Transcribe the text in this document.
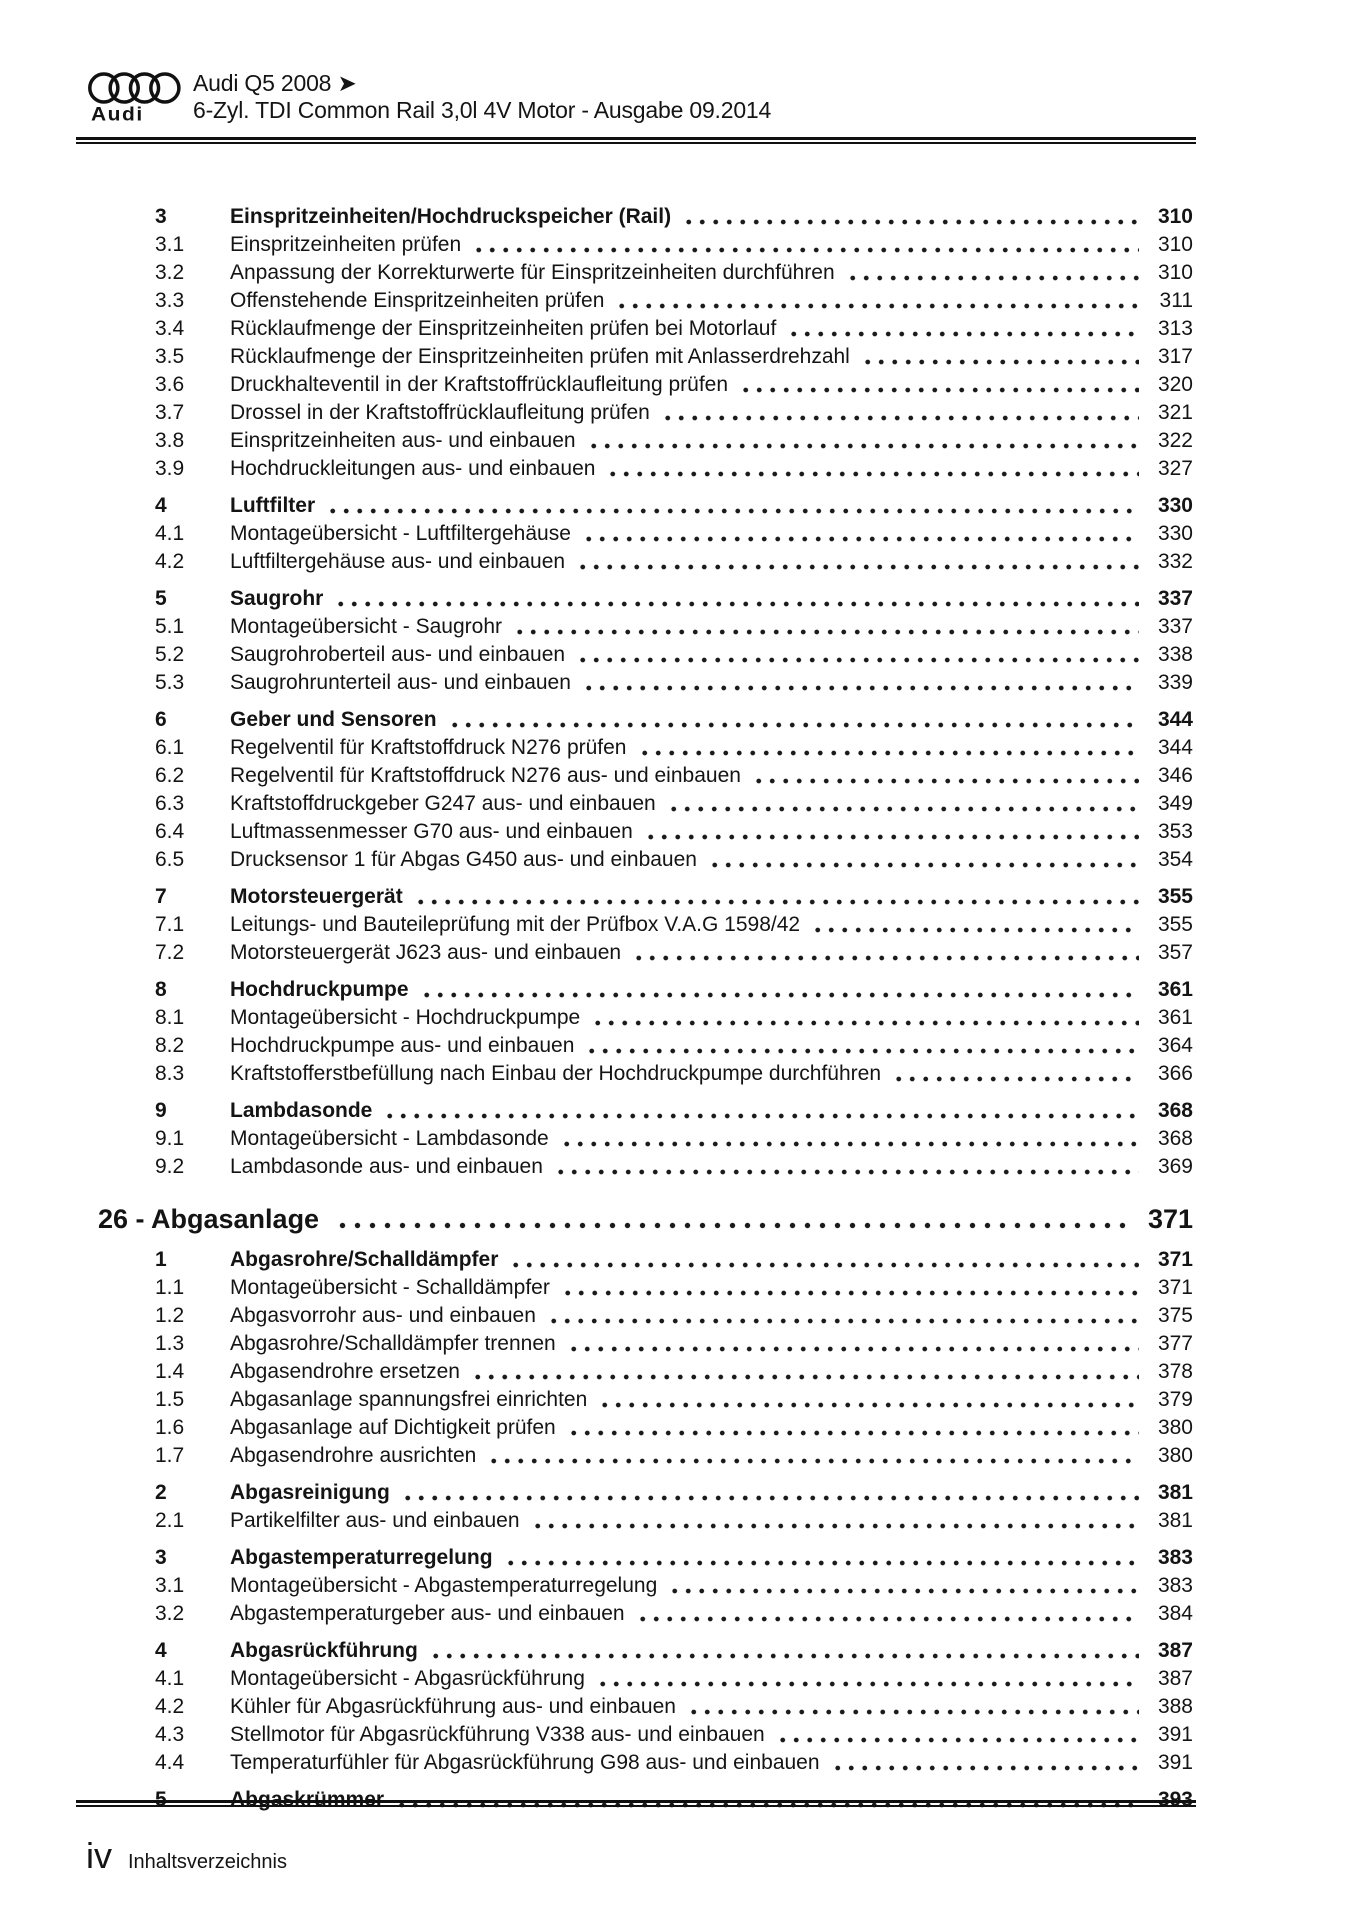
Audi
Audi Q5 2008 ➤
6-Zyl. TDI Common Rail 3,0l 4V Motor - Ausgabe 09.2014
3	Einspritzeinheiten/Hochdruckspeicher (Rail)	310
3.1	Einspritzeinheiten prüfen	310
3.2	Anpassung der Korrekturwerte für Einspritzeinheiten durchführen	310
3.3	Offenstehende Einspritzeinheiten prüfen	311
3.4	Rücklaufmenge der Einspritzeinheiten prüfen bei Motorlauf	313
3.5	Rücklaufmenge der Einspritzeinheiten prüfen mit Anlasserdrehzahl	317
3.6	Druckhalteventil in der Kraftstoffrücklaufleitung prüfen	320
3.7	Drossel in der Kraftstoffrücklaufleitung prüfen	321
3.8	Einspritzeinheiten aus- und einbauen	322
3.9	Hochdruckleitungen aus- und einbauen	327
4	Luftfilter	330
4.1	Montageübersicht - Luftfiltergehäuse	330
4.2	Luftfiltergehäuse aus- und einbauen	332
5	Saugrohr	337
5.1	Montageübersicht - Saugrohr	337
5.2	Saugrohroberteil aus- und einbauen	338
5.3	Saugrohrunterteil aus- und einbauen	339
6	Geber und Sensoren	344
6.1	Regelventil für Kraftstoffdruck N276 prüfen	344
6.2	Regelventil für Kraftstoffdruck N276 aus- und einbauen	346
6.3	Kraftstoffdruckgeber G247 aus- und einbauen	349
6.4	Luftmassenmesser G70 aus- und einbauen	353
6.5	Drucksensor 1 für Abgas G450 aus- und einbauen	354
7	Motorsteuergerät	355
7.1	Leitungs- und Bauteileprüfung mit der Prüfbox V.A.G 1598/42	355
7.2	Motorsteuergerät J623 aus- und einbauen	357
8	Hochdruckpumpe	361
8.1	Montageübersicht - Hochdruckpumpe	361
8.2	Hochdruckpumpe aus- und einbauen	364
8.3	Kraftstofferstbefüllung nach Einbau der Hochdruckpumpe durchführen	366
9	Lambdasonde	368
9.1	Montageübersicht - Lambdasonde	368
9.2	Lambdasonde aus- und einbauen	369
26 - Abgasanlage	371
1	Abgasrohre/Schalldämpfer	371
1.1	Montageübersicht - Schalldämpfer	371
1.2	Abgasvorrohr aus- und einbauen	375
1.3	Abgasrohre/Schalldämpfer trennen	377
1.4	Abgasendrohre ersetzen	378
1.5	Abgasanlage spannungsfrei einrichten	379
1.6	Abgasanlage auf Dichtigkeit prüfen	380
1.7	Abgasendrohre ausrichten	380
2	Abgasreinigung	381
2.1	Partikelfilter aus- und einbauen	381
3	Abgastemperaturregelung	383
3.1	Montageübersicht - Abgastemperaturregelung	383
3.2	Abgastemperaturgeber aus- und einbauen	384
4	Abgasrückführung	387
4.1	Montageübersicht - Abgasrückführung	387
4.2	Kühler für Abgasrückführung aus- und einbauen	388
4.3	Stellmotor für Abgasrückführung V338 aus- und einbauen	391
4.4	Temperaturfühler für Abgasrückführung G98 aus- und einbauen	391
5	Abgaskrümmer	393
iv Inhaltsverzeichnis
